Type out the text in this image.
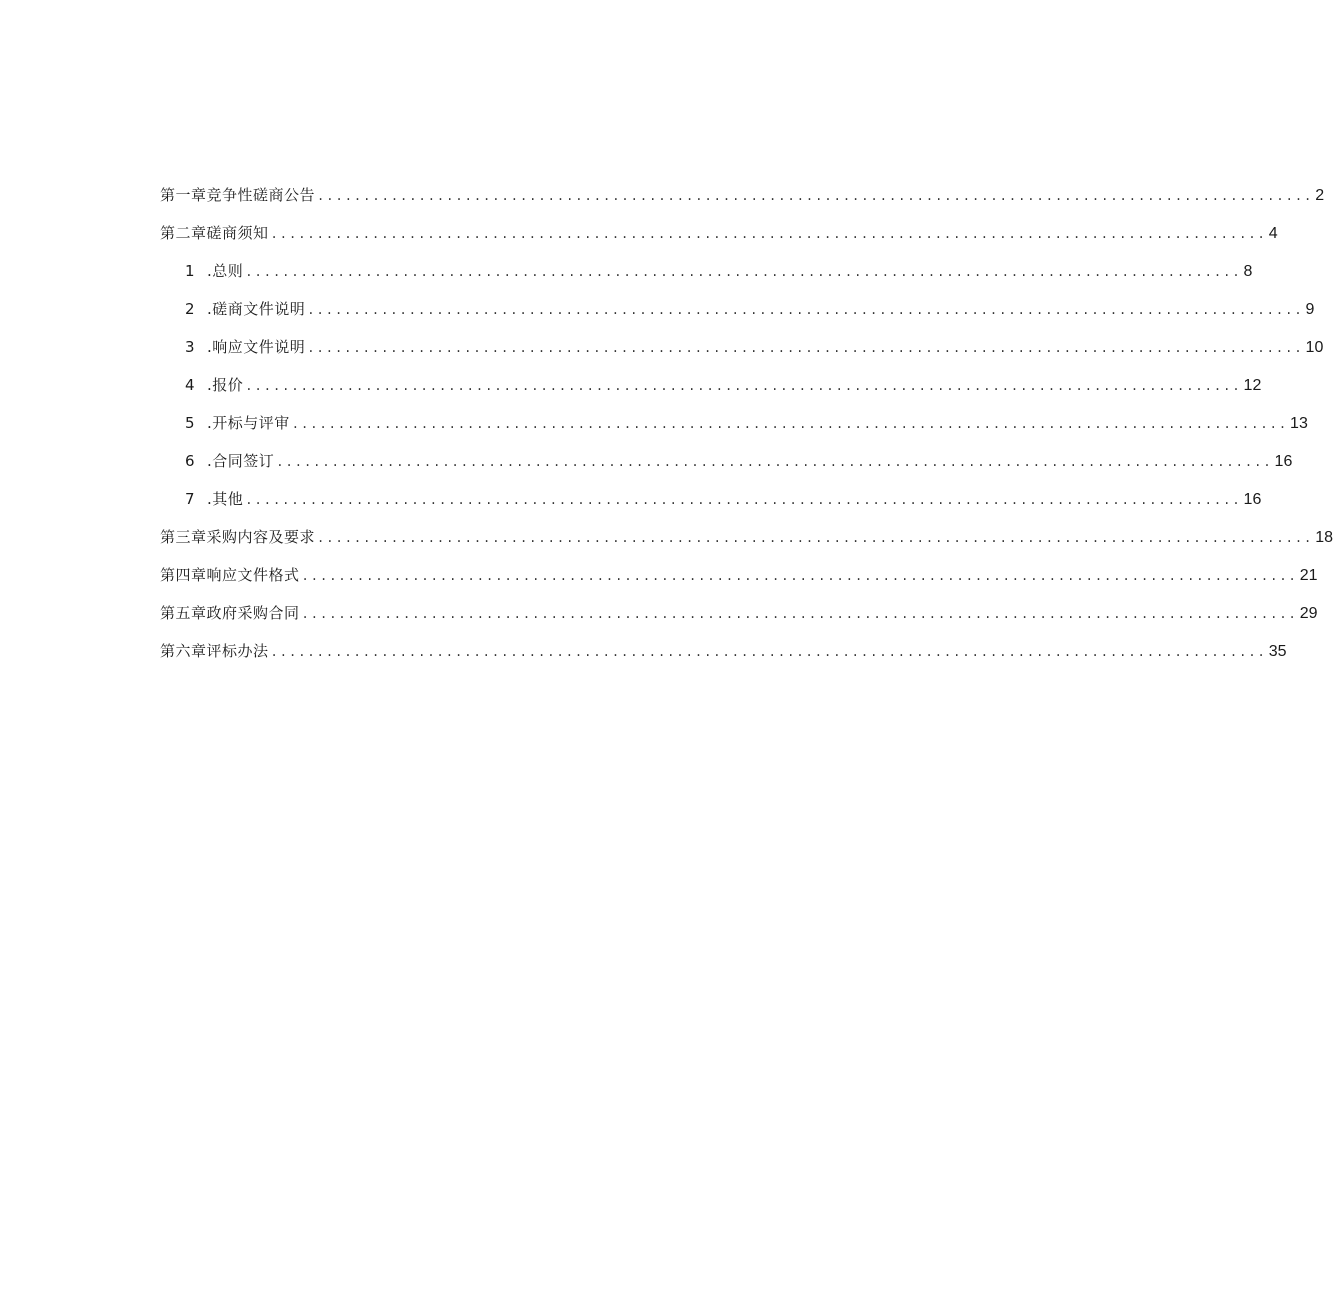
第一章竞争性磋商公告 ............................................................................................................ 2
第二章磋商须知 ............................................................................................................ 4
1 .总则 ............................................................................................................ 8
2 .磋商文件说明 ............................................................................................................ 9
3 .响应文件说明 ............................................................................................................ 10
4 .报价 ............................................................................................................ 12
5 .开标与评审 ............................................................................................................ 13
6 .合同签订 ............................................................................................................ 16
7 .其他 ............................................................................................................ 16
第三章采购内容及要求 ............................................................................................................ 18
第四章响应文件格式 ............................................................................................................ 21
第五章政府采购合同 ............................................................................................................ 29
第六章评标办法 ............................................................................................................ 35
